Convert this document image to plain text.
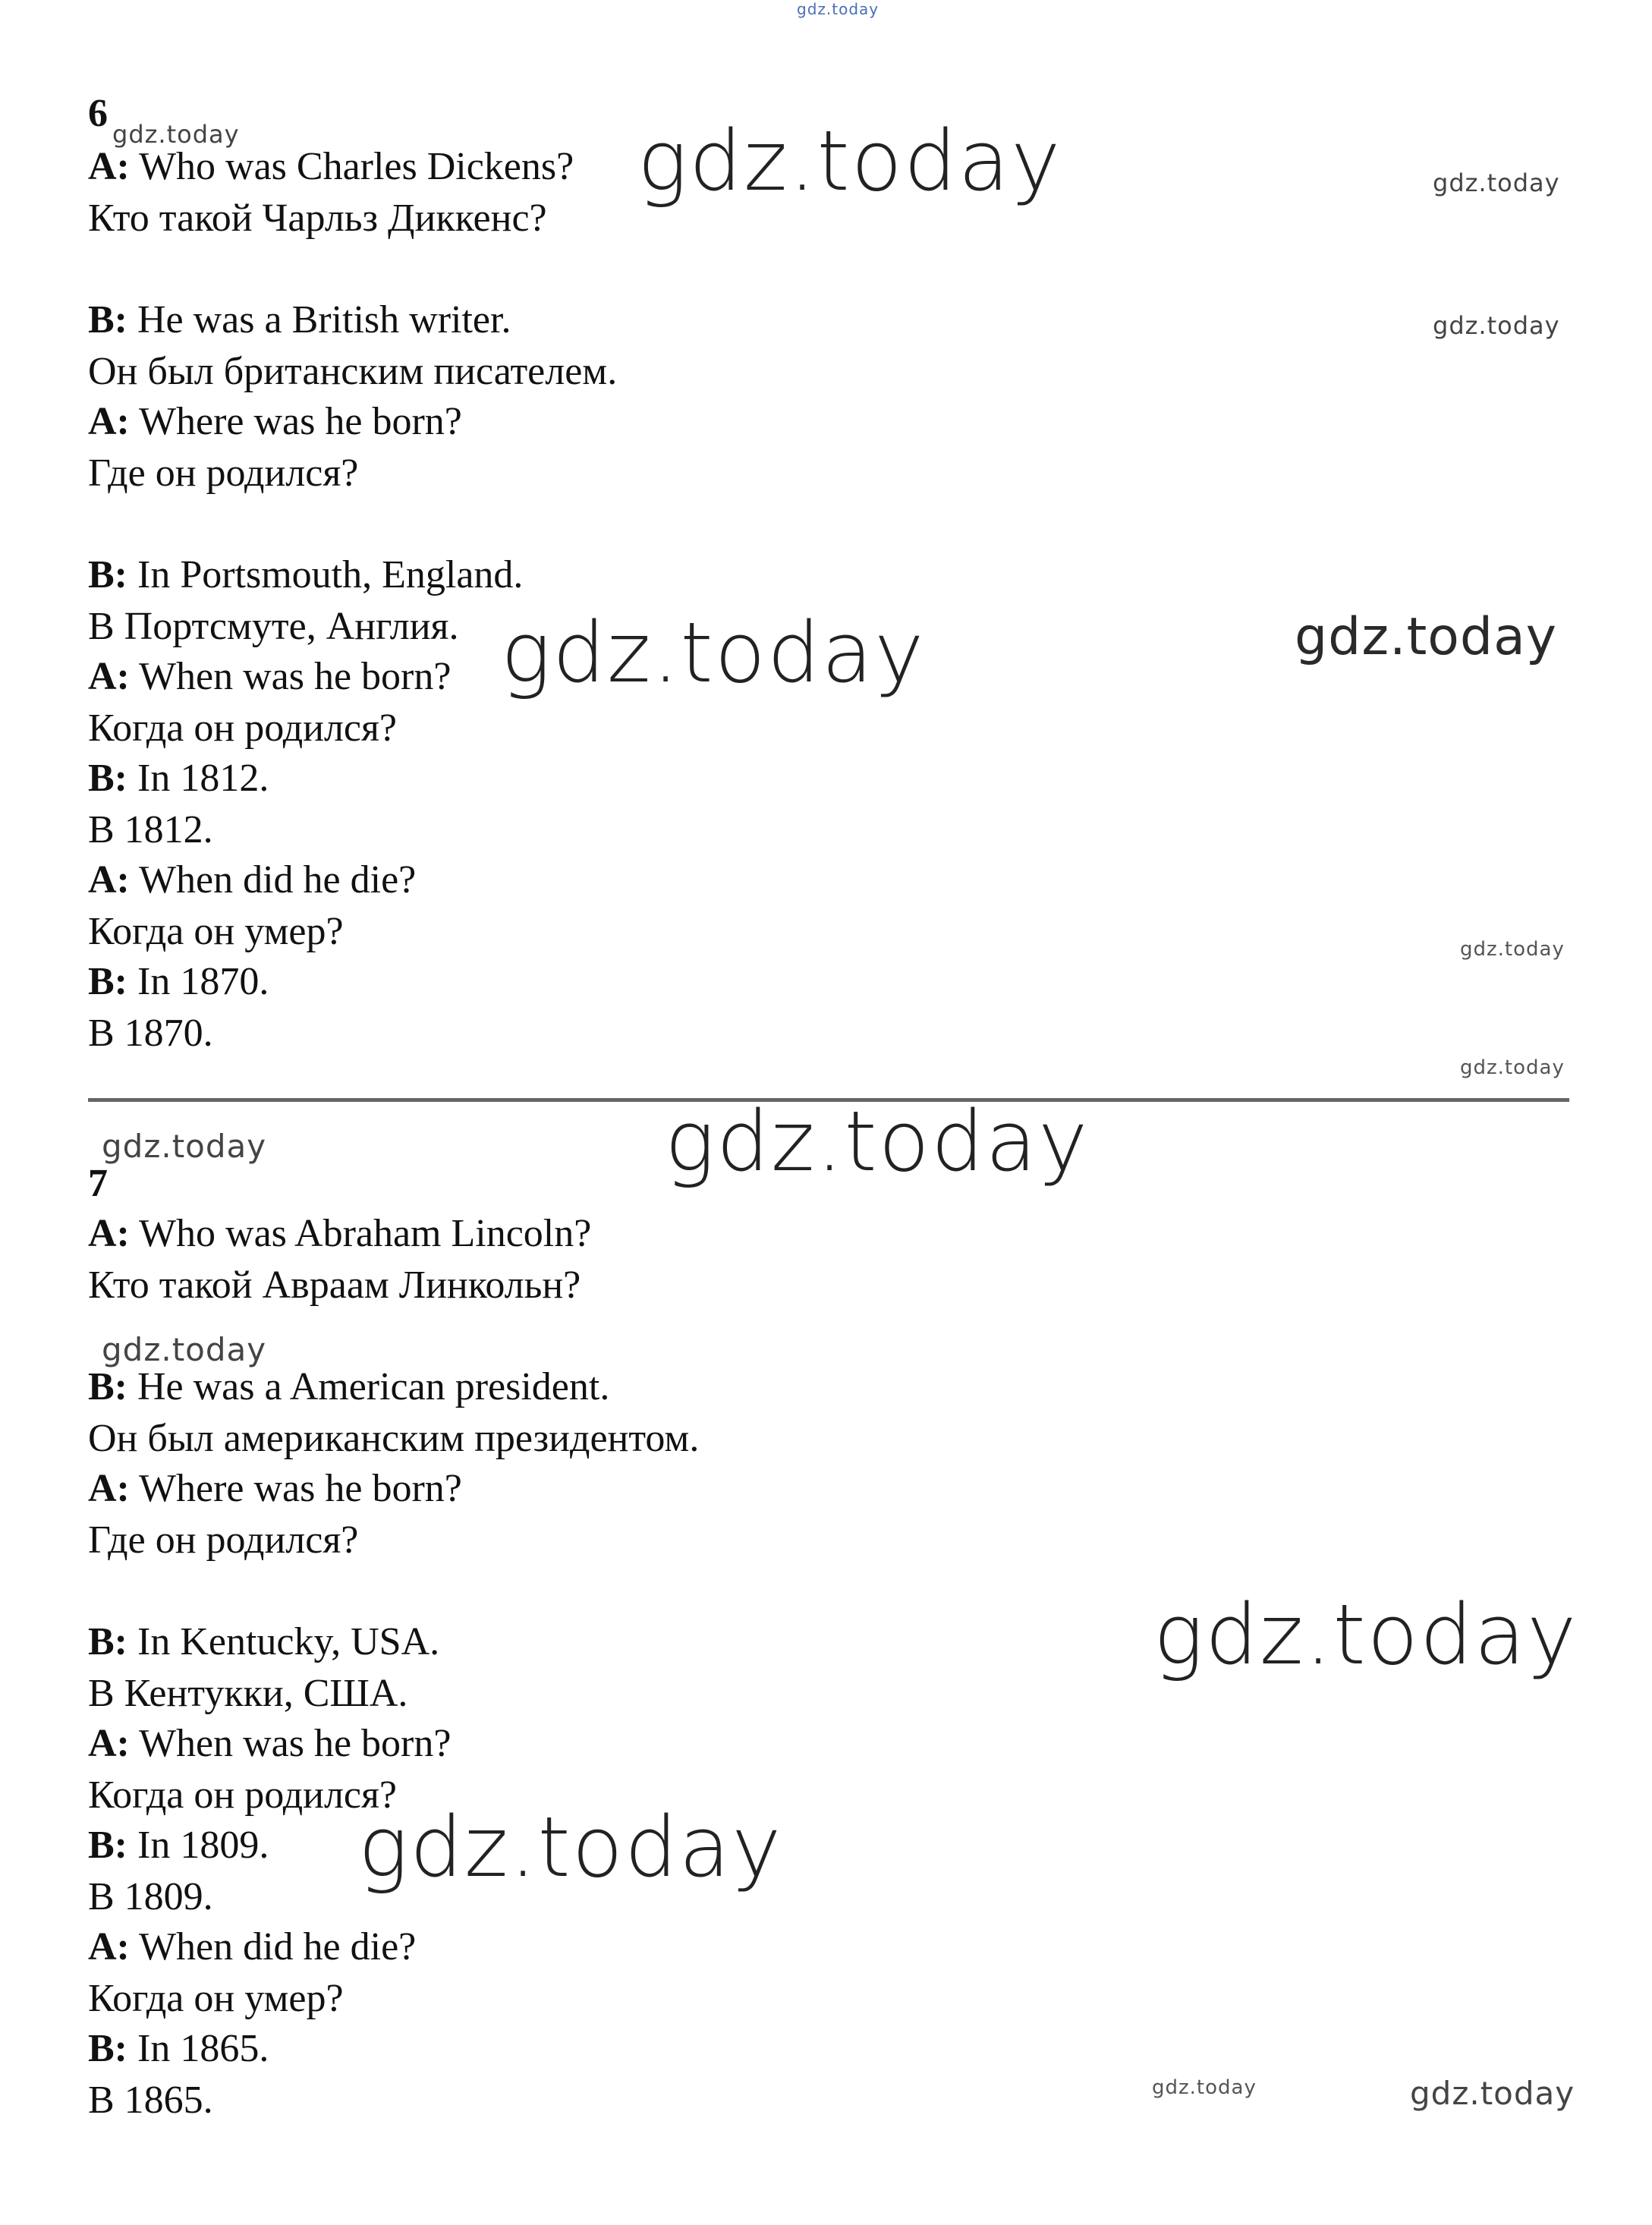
6
A: Who was Charles Dickens?
Кто такой Чарльз Диккенс?
B: He was a British writer.
Он был британским писателем.
A: Where was he born?
Где он родился?
B: In Portsmouth, England.
В Портсмуте, Англия.
A: When was he born?
Когда он родился?
B: In 1812.
В 1812.
A: When did he die?
Когда он умер?
B: In 1870.
В 1870.
7
A: Who was Abraham Lincoln?
Кто такой Авраам Линкольн?
B: He was a American president.
Он был американским президентом.
A: Where was he born?
Где он родился?
B: In Kentucky, USA.
В Кентукки, США.
A: When was he born?
Когда он родился?
B: In 1809.
В 1809.
A: When did he die?
Когда он умер?
B: In 1865.
В 1865.
gdz.today
gdz.today	gdz.today	gdz.today
gdz.today
gdz.today	gdz.today
gdz.today
gdz.today
gdz.today	gdz.today
gdz.today
gdz.today
gdz.today
gdz.today	gdz.today
